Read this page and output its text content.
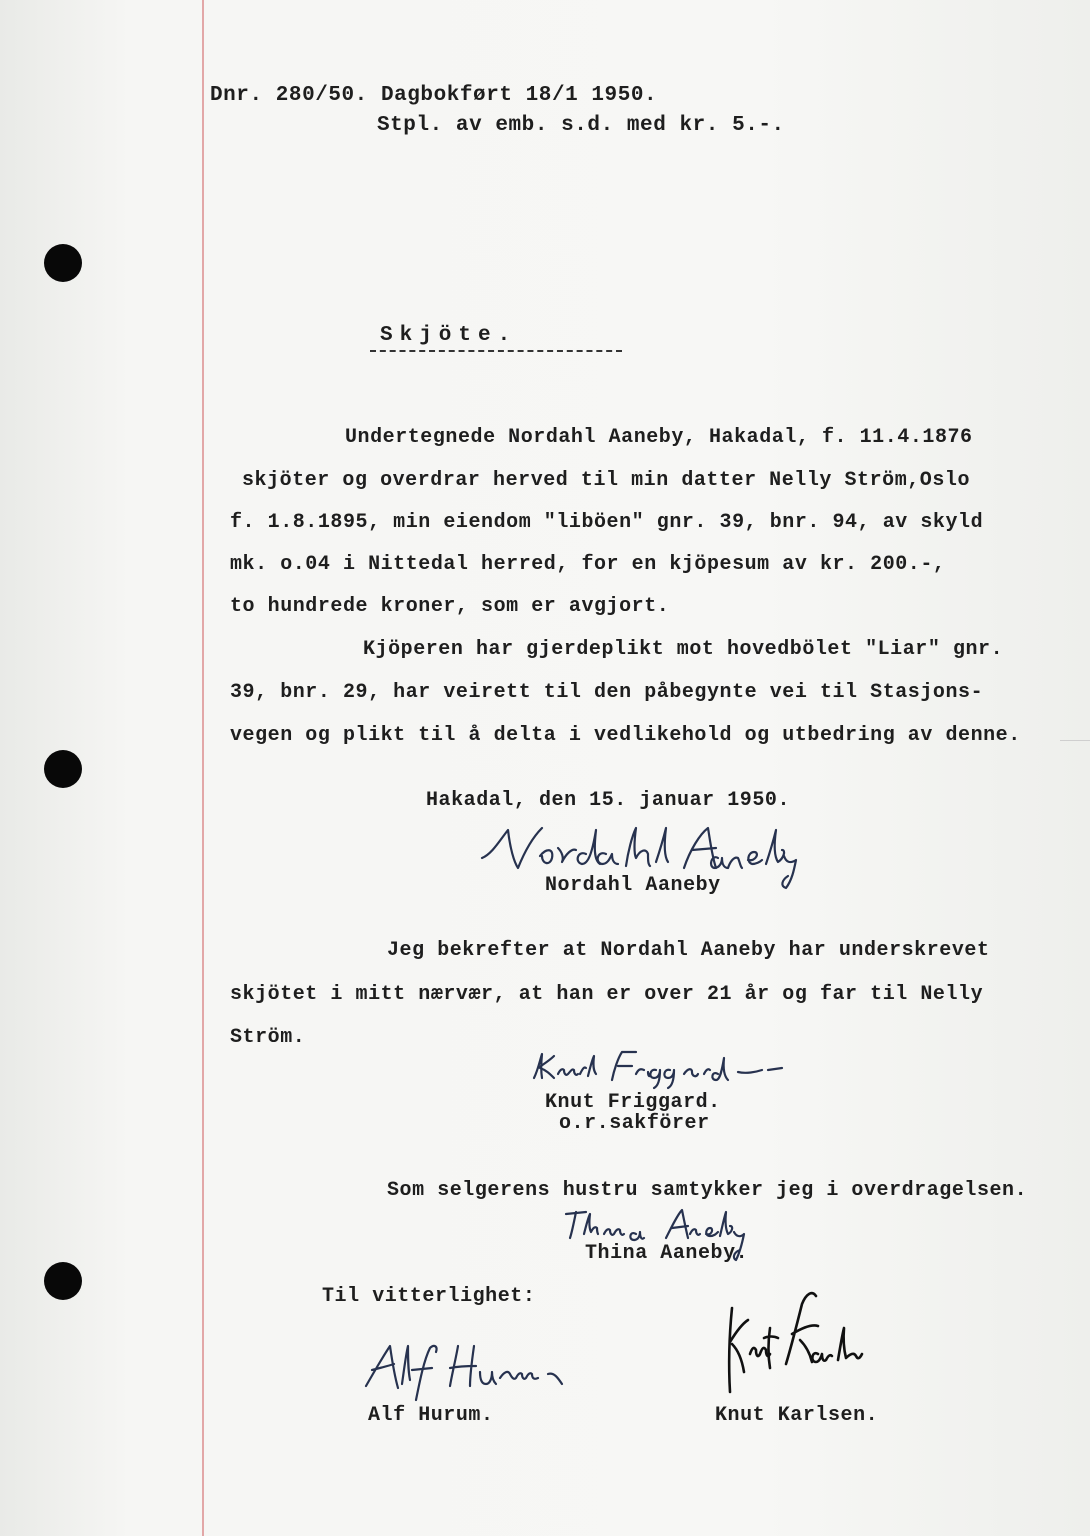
Dnr. 280/50. Dagbokført 18/1 1950.
Stpl. av emb. s.d. med kr. 5.-.
Skjöte.
Undertegnede Nordahl Aaneby, Hakadal, f. 11.4.1876
skjöter og overdrar herved til min datter Nelly Ström,Oslo
f. 1.8.1895, min eiendom "liböen" gnr. 39, bnr. 94, av skyld
mk. o.04 i Nittedal herred, for en kjöpesum av kr. 200.-,
to hundrede kroner, som er avgjort.
Kjöperen har gjerdeplikt mot hovedbölet "Liar" gnr.
39, bnr. 29, har veirett til den påbegynte vei til Stasjons-
vegen og plikt til å delta i vedlikehold og utbedring av denne.
Hakadal, den 15. januar 1950.
Nordahl Aaneby
Jeg bekrefter at Nordahl Aaneby har underskrevet
skjötet i mitt nærvær, at han er over 21 år og far til Nelly
Ström.
Knut Friggard.
o.r.sakförer
Som selgerens hustru samtykker jeg i overdragelsen.
Thina Aaneby.
Til vitterlighet:
Alf Hurum.	Knut Karlsen.
